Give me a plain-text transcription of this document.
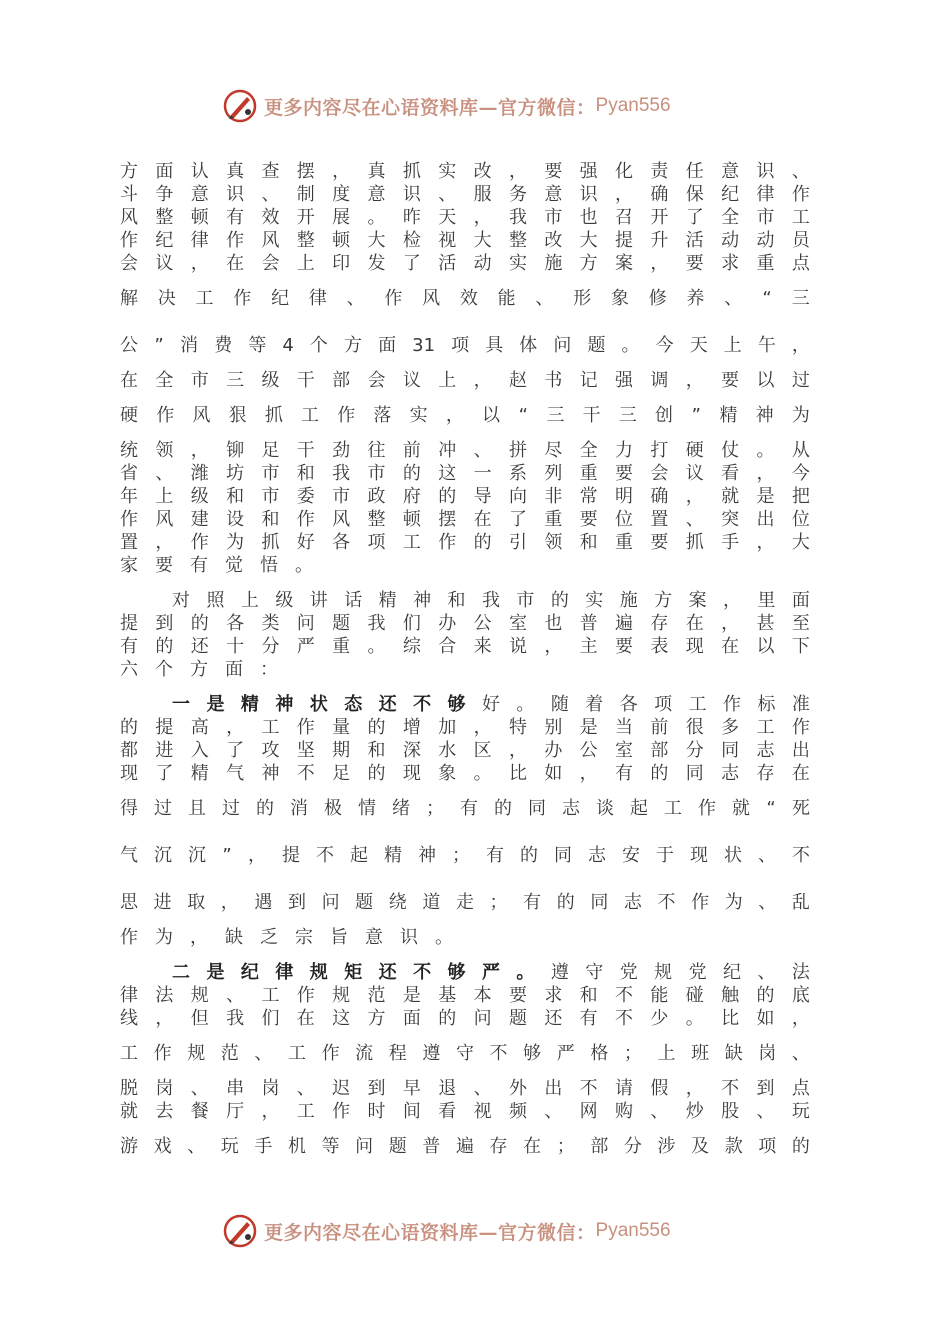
更多内容尽在心语资料库—官方微信： Pyan556
方 面 认 真 查 摆 ， 真 抓 实 改 ， 要 强 化 责 任 意 识 、
斗 争 意 识 、 制 度 意 识 、 服 务 意 识 ， 确 保 纪 律 作
风 整 顿 有 效 开 展 。 昨 天 ， 我 市 也 召 开 了 全 市 工
作 纪 律 作 风 整 顿 大 检 视 大 整 改 大 提 升 活 动 动 员
会 议 ， 在 会 上 印 发 了 活 动 实 施 方 案 ， 要 求 重 点
解 决 工 作 纪 律 、 作 风 效 能 、 形 象 修 养 、 “ 三
公 ” 消 费 等 4 个 方 面 31 项 具 体 问 题 。 今 天 上 午 ，
在 全 市 三 级 干 部 会 议 上 ， 赵 书 记 强 调 ， 要 以 过
硬 作 风 狠 抓 工 作 落 实 ， 以 “ 三 干 三 创 ” 精 神 为
统 领 ， 铆 足 干 劲 往 前 冲 、 拼 尽 全 力 打 硬 仗 。 从
省 、 潍 坊 市 和 我 市 的 这 一 系 列 重 要 会 议 看 ， 今
年 上 级 和 市 委 市 政 府 的 导 向 非 常 明 确 ， 就 是 把
作 风 建 设 和 作 风 整 顿 摆 在 了 重 要 位 置 、 突 出 位
置 ， 作 为 抓 好 各 项 工 作 的 引 领 和 重 要 抓 手 ， 大
家 要 有 觉 悟 。
对 照 上 级 讲 话 精 神 和 我 市 的 实 施 方 案 ， 里 面
提 到 的 各 类 问 题 我 们 办 公 室 也 普 遍 存 在 ， 甚 至
有 的 还 十 分 严 重 。 综 合 来 说 ， 主 要 表 现 在 以 下
六 个 方 面 ：
一 是 精 神 状 态 还 不 够 好 。 随 着 各 项 工 作 标 准
的 提 高 ， 工 作 量 的 增 加 ， 特 别 是 当 前 很 多 工 作
都 进 入 了 攻 坚 期 和 深 水 区 ， 办 公 室 部 分 同 志 出
现 了 精 气 神 不 足 的 现 象 。 比 如 ， 有 的 同 志 存 在
得 过 且 过 的 消 极 情 绪 ； 有 的 同 志 谈 起 工 作 就 “ 死
气 沉 沉 ” ， 提 不 起 精 神 ； 有 的 同 志 安 于 现 状 、 不
思 进 取 ， 遇 到 问 题 绕 道 走 ； 有 的 同 志 不 作 为 、 乱
作 为 ， 缺 乏 宗 旨 意 识 。
二 是 纪 律 规 矩 还 不 够 严 。 遵 守 党 规 党 纪 、 法
律 法 规 、 工 作 规 范 是 基 本 要 求 和 不 能 碰 触 的 底
线 ， 但 我 们 在 这 方 面 的 问 题 还 有 不 少 。 比 如 ，
工 作 规 范 、 工 作 流 程 遵 守 不 够 严 格 ； 上 班 缺 岗 、
脱 岗 、 串 岗 、 迟 到 早 退 、 外 出 不 请 假 ， 不 到 点
就 去 餐 厅 ， 工 作 时 间 看 视 频 、 网 购 、 炒 股 、 玩
游 戏 、 玩 手 机 等 问 题 普 遍 存 在 ； 部 分 涉 及 款 项 的
更多内容尽在心语资料库—官方微信： Pyan556
